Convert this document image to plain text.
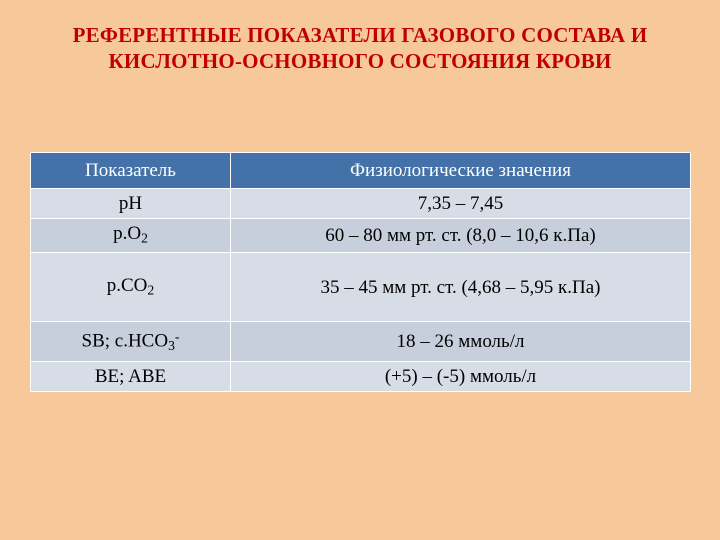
РЕФЕРЕНТНЫЕ ПОКАЗАТЕЛИ ГАЗОВОГО СОСТАВА И КИСЛОТНО-ОСНОВНОГО СОСТОЯНИЯ КРОВИ
Показатель	Физиологические значения
pH	7,35 – 7,45
$p.O_2$	60 – 80 мм рт. ст. (8,0 – 10,6 к.Па)
$p.CO_2$	35 – 45 мм рт. ст. (4,68 – 5,95 к.Па)
SB; $с.HCO_3^-$	18 – 26 ммоль/л
BE; ABE	(+5) – (-5) ммоль/л
